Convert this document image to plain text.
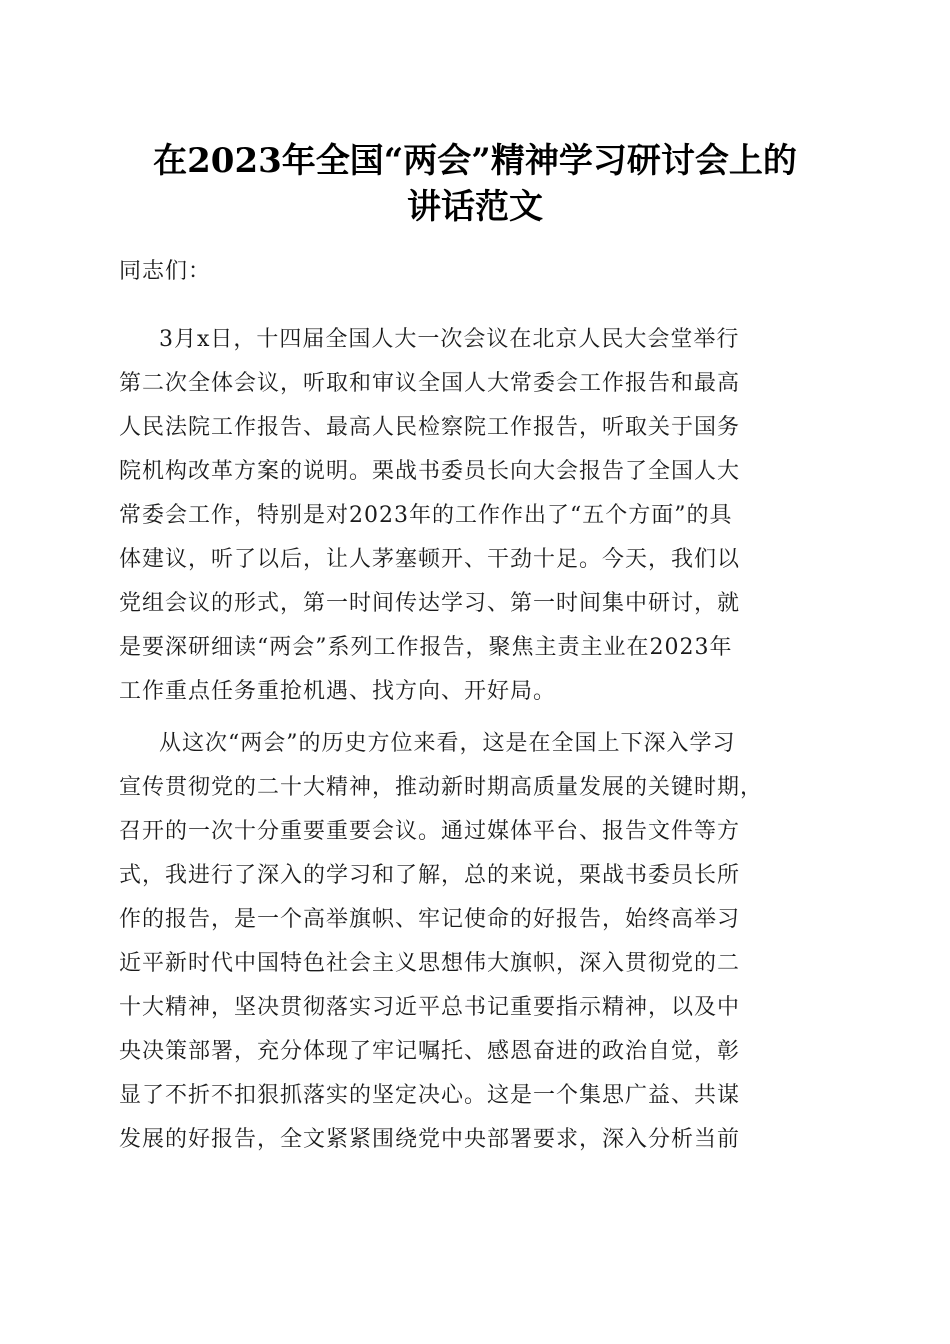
在2023年全国“两会”精神学习研讨会上的
讲话范文
同志们：
3月x日，十四届全国人大一次会议在北京人民大会堂举行
第二次全体会议，听取和审议全国人大常委会工作报告和最高
人民法院工作报告、最高人民检察院工作报告，听取关于国务
院机构改革方案的说明。栗战书委员长向大会报告了全国人大
常委会工作，特别是对2023年的工作作出了“五个方面”的具
体建议，听了以后，让人茅塞顿开、干劲十足。今天，我们以
党组会议的形式，第一时间传达学习、第一时间集中研讨，就
是要深研细读“两会”系列工作报告，聚焦主责主业在2023年
工作重点任务重抢机遇、找方向、开好局。
从这次“两会”的历史方位来看，这是在全国上下深入学习
宣传贯彻党的二十大精神，推动新时期高质量发展的关键时期，
召开的一次十分重要重要会议。通过媒体平台、报告文件等方
式，我进行了深入的学习和了解，总的来说，栗战书委员长所
作的报告，是一个高举旗帜、牢记使命的好报告，始终高举习
近平新时代中国特色社会主义思想伟大旗帜，深入贯彻党的二
十大精神，坚决贯彻落实习近平总书记重要指示精神，以及中
央决策部署，充分体现了牢记嘱托、感恩奋进的政治自觉，彰
显了不折不扣狠抓落实的坚定决心。这是一个集思广益、共谋
发展的好报告，全文紧紧围绕党中央部署要求，深入分析当前
